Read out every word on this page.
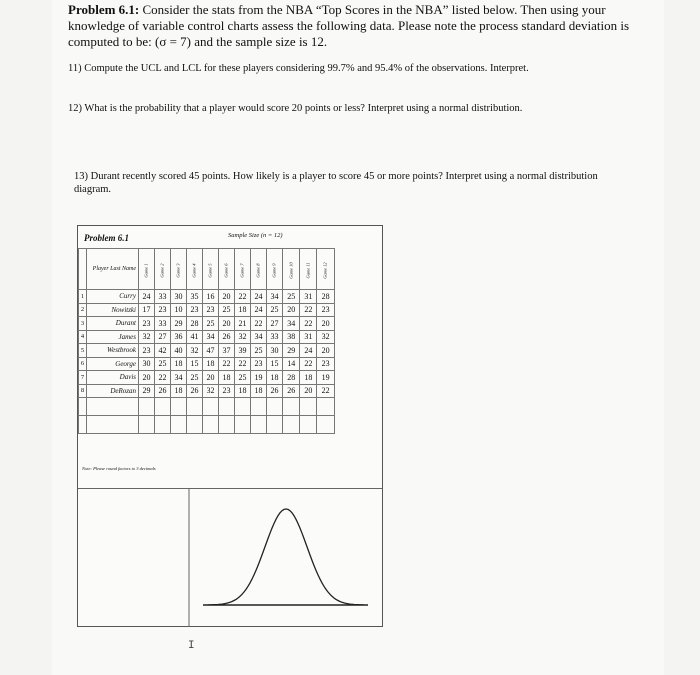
Problem 6.1: Consider the stats from the NBA “Top Scores in the NBA” listed below. Then using your knowledge of variable control charts assess the following data. Please note the process standard deviation is computed to be: (σ = 7) and the sample size is 12.
11) Compute the UCL and LCL for these players considering 99.7% and 95.4% of the observations. Interpret.
12) What is the probability that a player would score 20 points or less? Interpret using a normal distribution.
13) Durant recently scored 45 points. How likely is a player to score 45 or more points? Interpret using a normal distribution diagram.
Problem 6.1	Sample Size (n = 12)
	Player Last Name	Game 1	Game 2	Game 3	Game 4	Game 5	Game 6	Game 7	Game 8	Game 9	Game 10	Game 11	Game 12
1	Curry	24	33	30	35	16	20	22	24	34	25	31	28
2	Nowitzki	17	23	10	23	23	25	18	24	25	20	22	23
3	Durant	23	33	29	28	25	20	21	22	27	34	22	20
4	James	32	27	36	41	34	26	32	34	33	38	31	32
5	Westbrook	23	42	40	32	47	37	39	25	30	29	24	20
6	George	30	25	18	15	18	22	22	23	15	14	22	23
7	Davis	20	22	34	25	20	18	25	19	18	28	18	19
8	DeRozan	29	26	18	26	32	23	18	18	26	26	20	22

Note: Please round factors to 3 decimals
I
